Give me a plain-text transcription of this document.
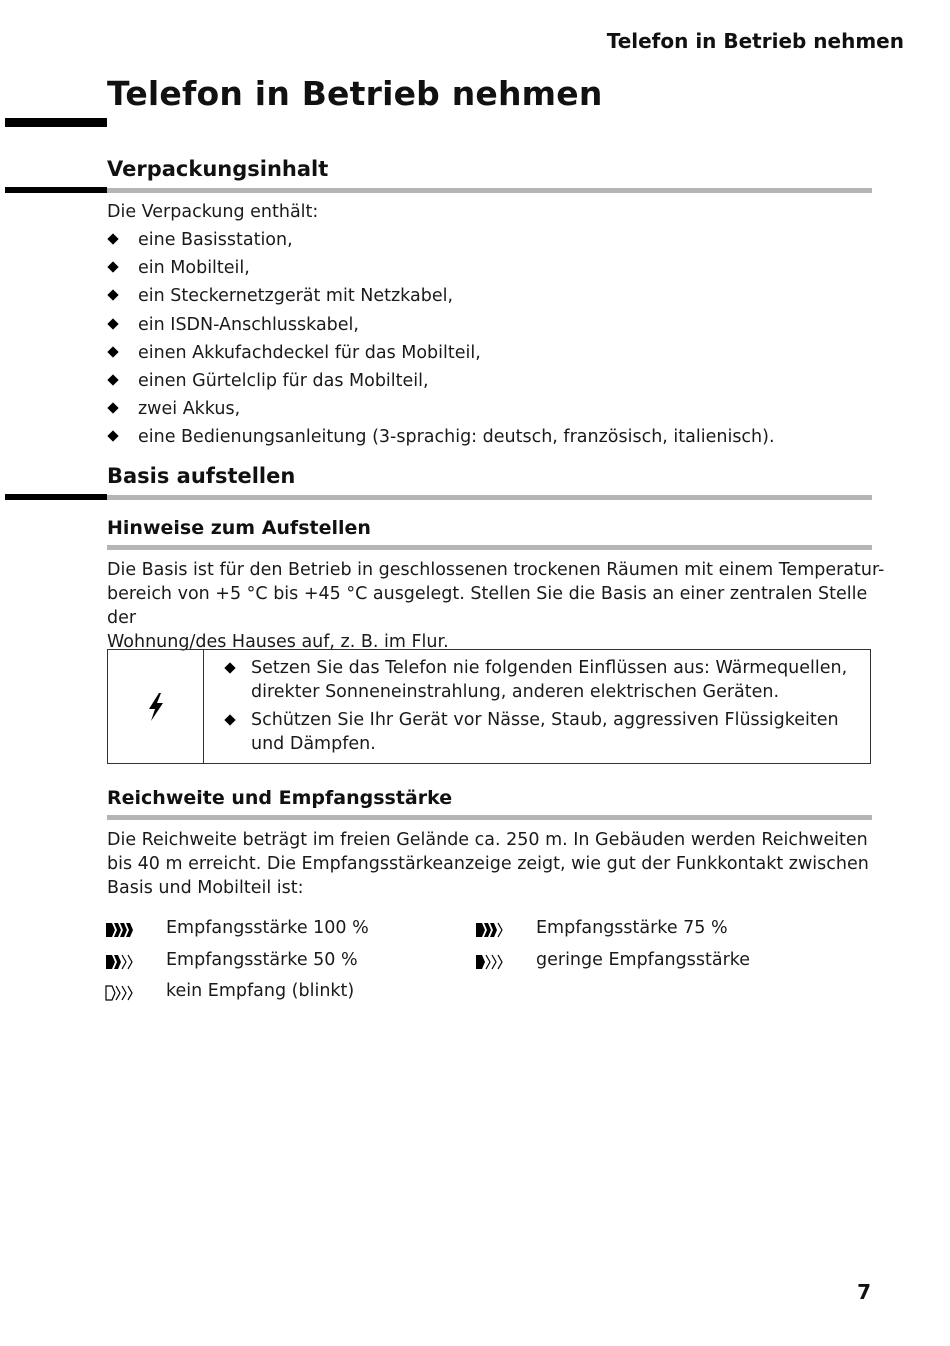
Telefon in Betrieb nehmen
Telefon in Betrieb nehmen
Verpackungsinhalt
Die Verpackung enthält:
eine Basisstation,
ein Mobilteil,
ein Steckernetzgerät mit Netzkabel,
ein ISDN-Anschlusskabel,
einen Akkufachdeckel für das Mobilteil,
einen Gürtelclip für das Mobilteil,
zwei Akkus,
eine Bedienungsanleitung (3-sprachig: deutsch, französisch, italienisch).
Basis aufstellen
Hinweise zum Aufstellen
Die Basis ist für den Betrieb in geschlossenen trockenen Räumen mit einem Temperatur-
bereich von +5 °C bis +45 °C ausgelegt. Stellen Sie die Basis an einer zentralen Stelle der
Wohnung/des Hauses auf, z. B. im Flur.
Setzen Sie das Telefon nie folgenden Einflüssen aus: Wärmequellen,
direkter Sonneneinstrahlung, anderen elektrischen Geräten.
Schützen Sie Ihr Gerät vor Nässe, Staub, aggressiven Flüssigkeiten
und Dämpfen.
Reichweite und Empfangsstärke
Die Reichweite beträgt im freien Gelände ca. 250 m. In Gebäuden werden Reichweiten
bis 40 m erreicht. Die Empfangsstärkeanzeige zeigt, wie gut der Funkkontakt zwischen
Basis und Mobilteil ist:
Empfangsstärke 100 %	Empfangsstärke 75 %
Empfangsstärke 50 %	geringe Empfangsstärke
kein Empfang (blinkt)
7
